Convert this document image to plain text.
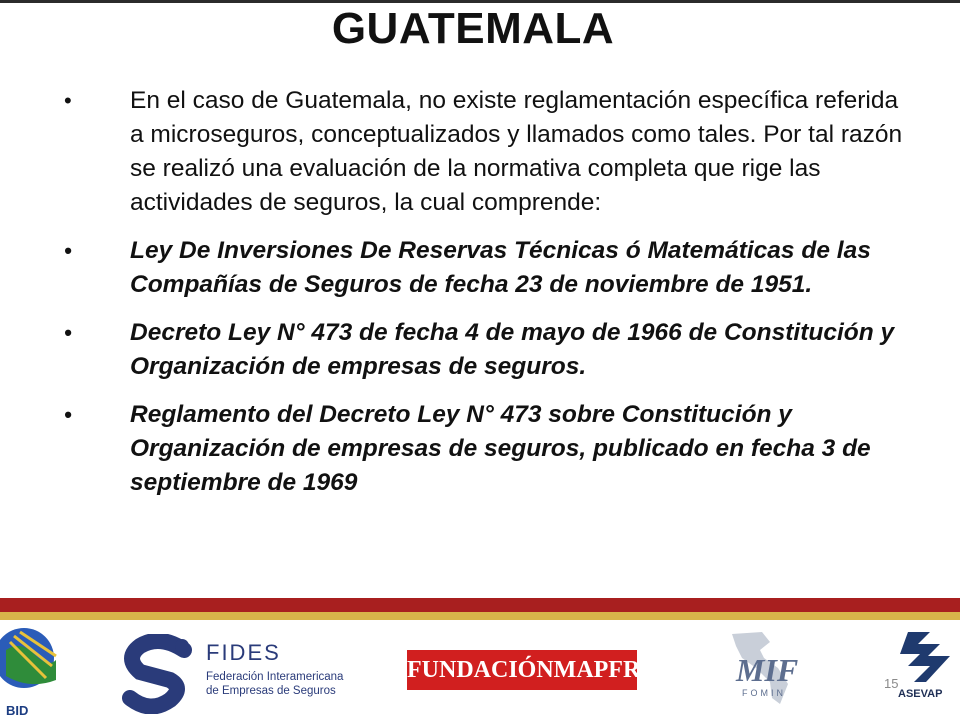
GUATEMALA
• En el caso de Guatemala, no existe reglamentación específica referida a microseguros, conceptualizados y llamados como tales. Por tal razón se realizó una evaluación de la normativa completa que rige las actividades de seguros, la cual comprende:
• Ley De Inversiones De Reservas Técnicas ó Matemáticas de las Compañías de Seguros de fecha 23 de noviembre de 1951.
• Decreto Ley N° 473 de fecha 4 de mayo de 1966 de Constitución y Organización de empresas de seguros.
• Reglamento del Decreto Ley N° 473 sobre Constitución y Organización de empresas de seguros, publicado en fecha 3 de septiembre de 1969
BID
FIDES
Federación Interamericana de Empresas de Seguros
FUNDACIÓNMAPFRE MIF
FOMIN	ASEVAP
15
